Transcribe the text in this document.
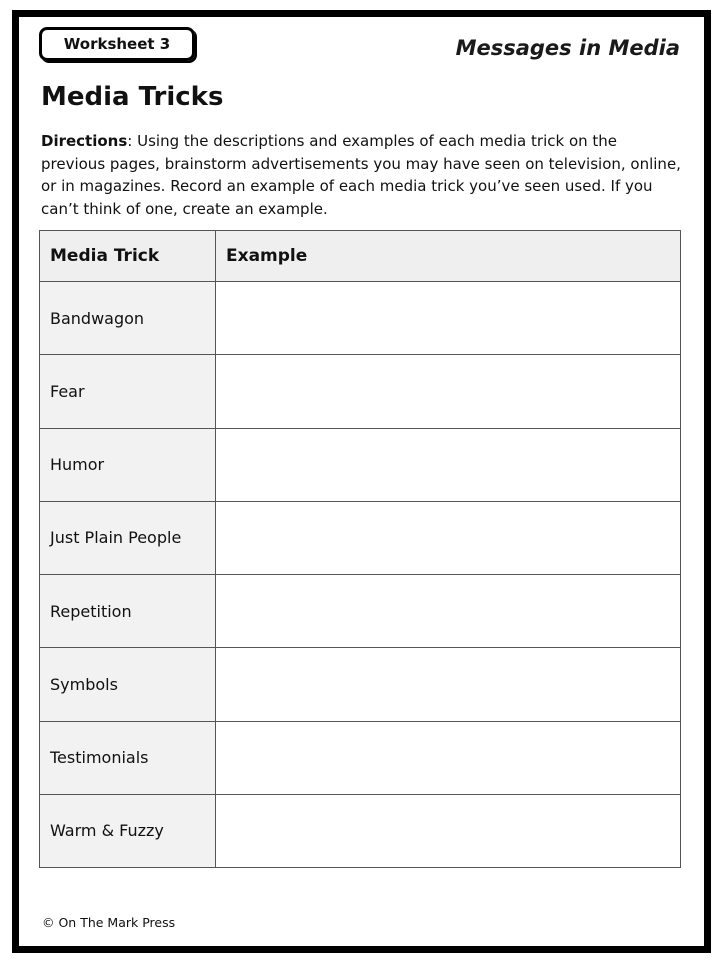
Worksheet 3	Messages in Media
Media Tricks

Directions: Using the descriptions and examples of each media trick on the previous pages, brainstorm advertisements you may have seen on television, online, or in magazines. Record an example of each media trick you’ve seen used. If you can’t think of one, create an example.

Media Trick	Example
Bandwagon	
Fear	
Humor	
Just Plain People	
Repetition	
Symbols	
Testimonials	
Warm & Fuzzy	
© On The Mark Press
